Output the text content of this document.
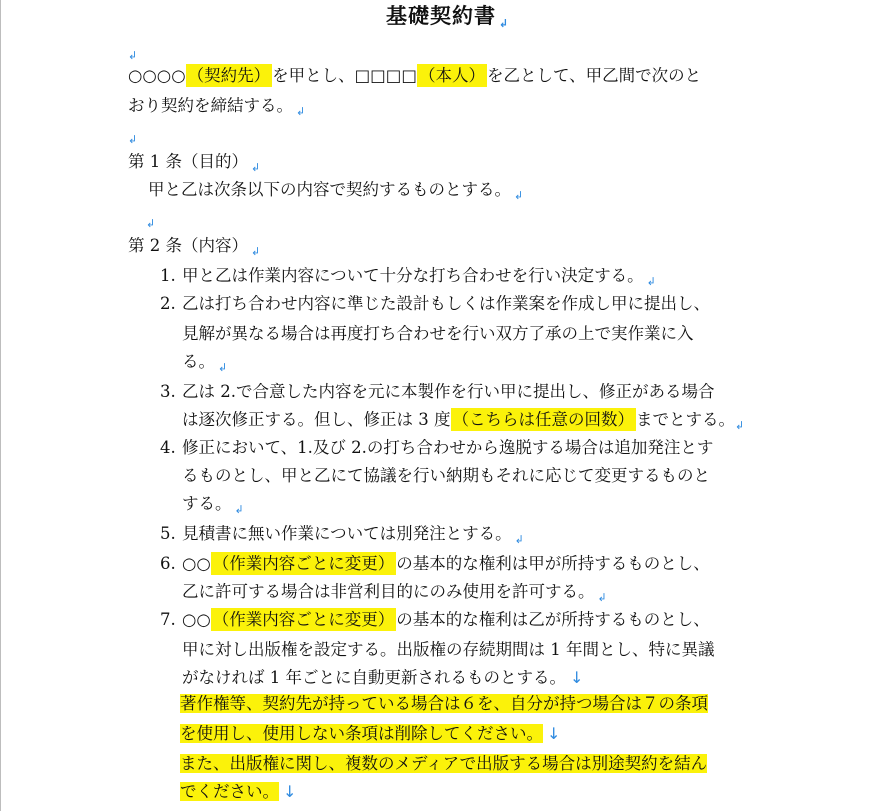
基礎契約書 ↲
$_↲$
○○○○ （契約先） を甲とし、□□□□ （本人） を乙として、甲乙間で次のと
おり契約を締結する。 $_↲$
$_↲$
第 1 条（目的） $_↲$
甲と乙は次条以下の内容で契約するものとする。 $_↲$
$_↲$
第 2 条（内容） $_↲$
1. 甲と乙は作業内容について十分な打ち合わせを行い決定する。 $_↲$
2. 乙は打ち合わせ内容に準じた設計もしくは作業案を作成し甲に提出し、
見解が異なる場合は再度打ち合わせを行い双方了承の上で実作業に入
る。 $_↲$
3. 乙は 2.で合意した内容を元に本製作を行い甲に提出し、修正がある場合
は逐次修正する。但し、修正は 3 度 （こちらは任意の回数） までとする。$_↲$
4. 修正において、1.及び 2.の打ち合わせから逸脱する場合は追加発注とす
るものとし、甲と乙にて協議を行い納期もそれに応じて変更するものと
する。 $_↲$
5. 見積書に無い作業については別発注とする。 $_↲$
6. ○○ （作業内容ごとに変更） の基本的な権利は甲が所持するものとし、
乙に許可する場合は非営利目的にのみ使用を許可する。 $_↲$
7. ○○ （作業内容ごとに変更） の基本的な権利は乙が所持するものとし、
甲に対し出版権を設定する。出版権の存続期間は 1 年間とし、特に異議
がなければ 1 年ごとに自動更新されるものとする。 ↓
著作権等、契約先が持っている場合は６を、自分が持つ場合は７の条項
を使用し、使用しない条項は削除してください。 ↓
また、出版権に関し、複数のメディアで出版する場合は別途契約を結ん
でください。 ↓
